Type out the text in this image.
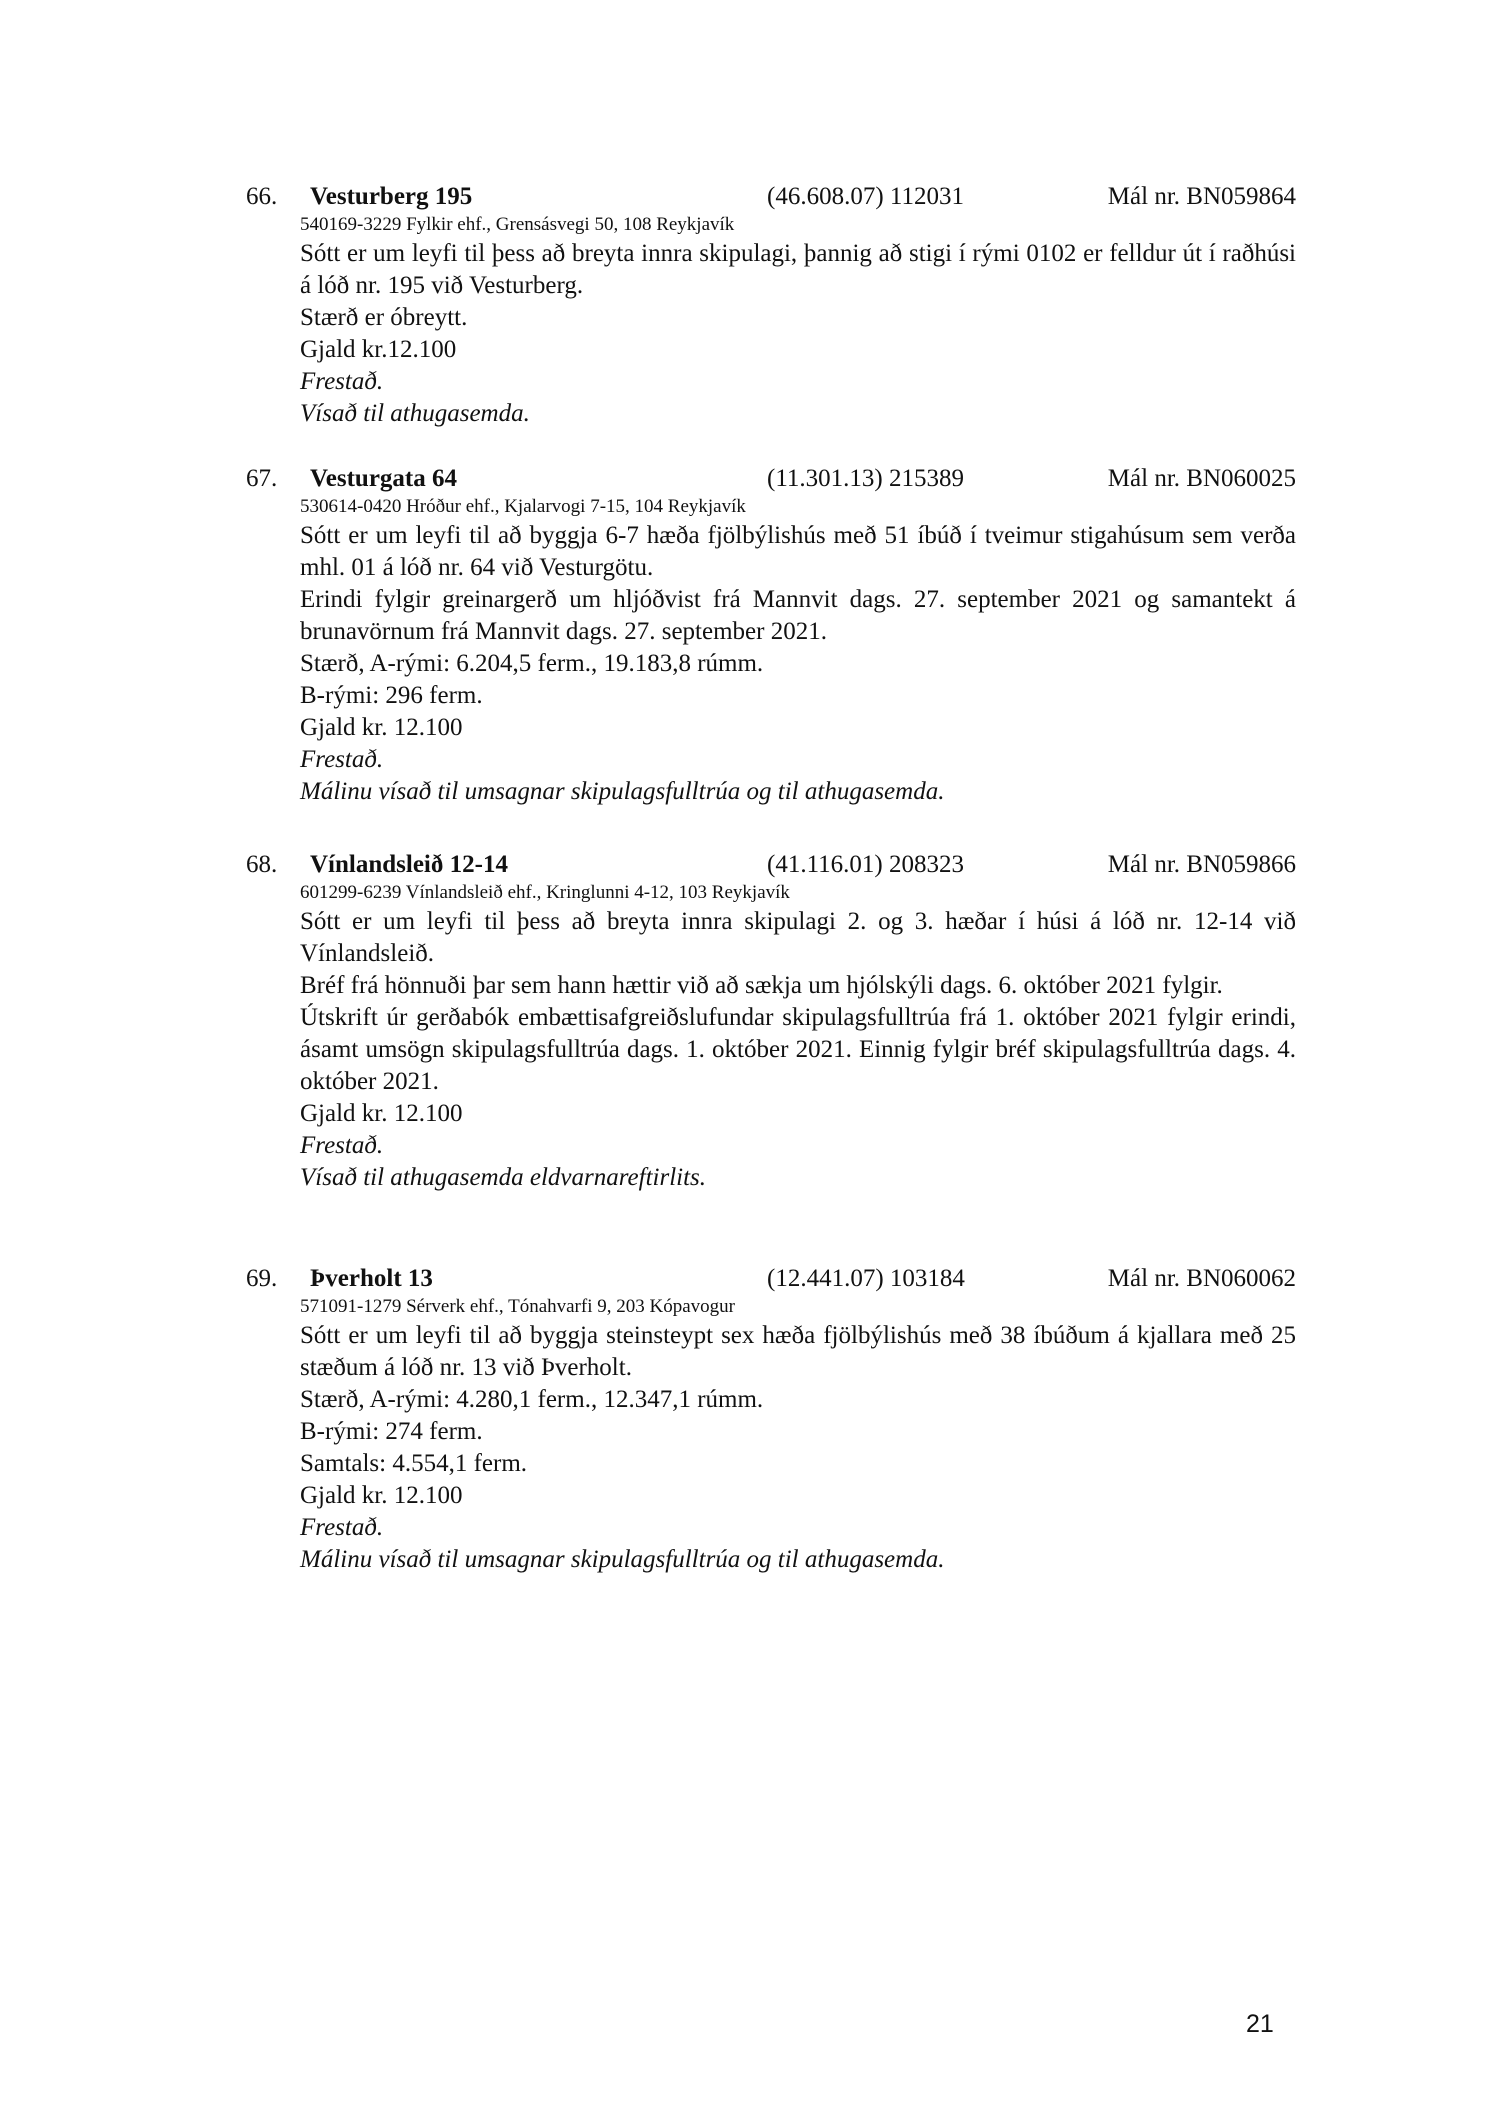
66. Vesturberg 195	(46.608.07) 112031	Mál nr. BN059864
540169-3229 Fylkir ehf., Grensásvegi 50, 108 Reykjavík
Sótt er um leyfi til þess að breyta innra skipulagi, þannig að stigi í rými 0102 er felldur út í raðhúsi á lóð nr. 195 við Vesturberg.
Stærð er óbreytt.
Gjald kr.12.100
Frestað.
Vísað til athugasemda.
67. Vesturgata 64	(11.301.13) 215389	Mál nr. BN060025
530614-0420 Hróður ehf., Kjalarvogi 7-15, 104 Reykjavík
Sótt er um leyfi til að byggja 6-7 hæða fjölbýlishús með 51 íbúð í tveimur stigahúsum sem verða mhl. 01 á lóð nr. 64 við Vesturgötu.
Erindi fylgir greinargerð um hljóðvist frá Mannvit dags. 27. september 2021 og samantekt á brunavörnum frá Mannvit dags. 27. september 2021.
Stærð, A-rými: 6.204,5 ferm., 19.183,8 rúmm.
B-rými: 296 ferm.
Gjald kr. 12.100
Frestað.
Málinu vísað til umsagnar skipulagsfulltrúa og til athugasemda.
68. Vínlandsleið 12-14	(41.116.01) 208323	Mál nr. BN059866
601299-6239 Vínlandsleið ehf., Kringlunni 4-12, 103 Reykjavík
Sótt er um leyfi til þess að breyta innra skipulagi 2. og 3. hæðar í húsi á lóð nr. 12-14 við Vínlandsleið.
Bréf frá hönnuði þar sem hann hættir við að sækja um hjólskýli dags. 6. október 2021 fylgir.
Útskrift úr gerðabók embættisafgreiðslufundar skipulagsfulltrúa frá 1. október 2021 fylgir erindi, ásamt umsögn skipulagsfulltrúa dags. 1. október 2021. Einnig fylgir bréf skipulagsfulltrúa dags. 4. október 2021.
Gjald kr. 12.100
Frestað.
Vísað til athugasemda eldvarnareftirlits.
69. Þverholt 13	(12.441.07) 103184	Mál nr. BN060062
571091-1279 Sérverk ehf., Tónahvarfi 9, 203 Kópavogur
Sótt er um leyfi til að byggja steinsteypt sex hæða fjölbýlishús með 38 íbúðum á kjallara með 25 stæðum á lóð nr. 13 við Þverholt.
Stærð, A-rými: 4.280,1 ferm., 12.347,1 rúmm.
B-rými: 274 ferm.
Samtals: 4.554,1 ferm.
Gjald kr. 12.100
Frestað.
Málinu vísað til umsagnar skipulagsfulltrúa og til athugasemda.
21
